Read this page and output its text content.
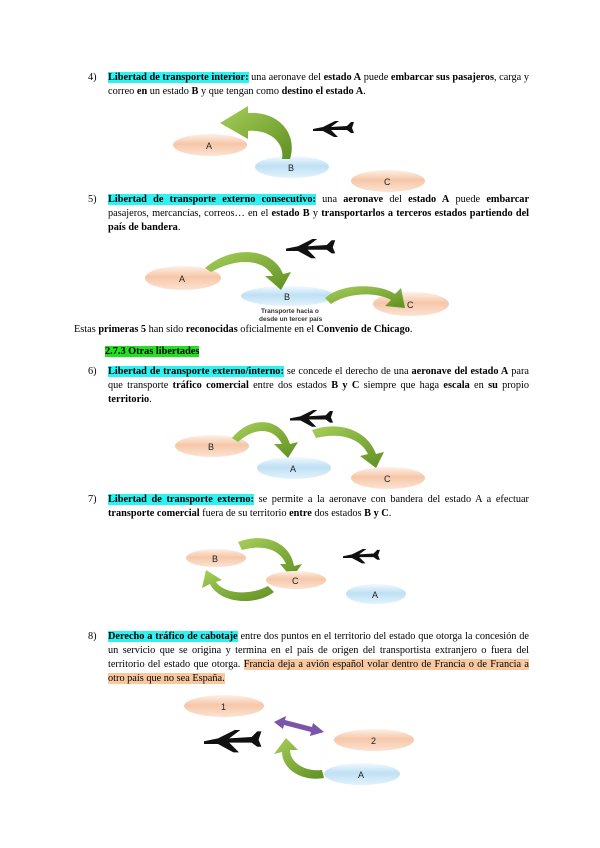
4) Libertad de transporte interior: una aeronave del estado A puede embarcar sus pasajeros, carga y correo en un estado B y que tengan como destino el estado A.
A
B
C
5) Libertad de transporte externo consecutivo: una aeronave del estado A puede embarcar pasajeros, mercancías, correos… en el estado B y transportarlos a terceros estados partiendo del país de bandera.
A
B
Transporte hacia o
desde un tercer país
C
Estas primeras 5 han sido reconocidas oficialmente en el Convenio de Chicago.
2.7.3 Otras libertades
6) Libertad de transporte externo/interno: se concede el derecho de una aeronave del estado A para que transporte tráfico comercial entre dos estados B y C siempre que haga escala en su propio territorio.
B
A
C
7) Libertad de transporte externo: se permite a la aeronave con bandera del estado A a efectuar transporte comercial fuera de su territorio entre dos estados B y C.
B
C
A
8) Derecho a tráfico de cabotaje entre dos puntos en el territorio del estado que otorga la concesión de un servicio que se origina y termina en el país de origen del transportista extranjero o fuera del territorio del estado que otorga. Francia deja a avión español volar dentro de Francia o de Francia a otro país que no sea España.
1
2
A
